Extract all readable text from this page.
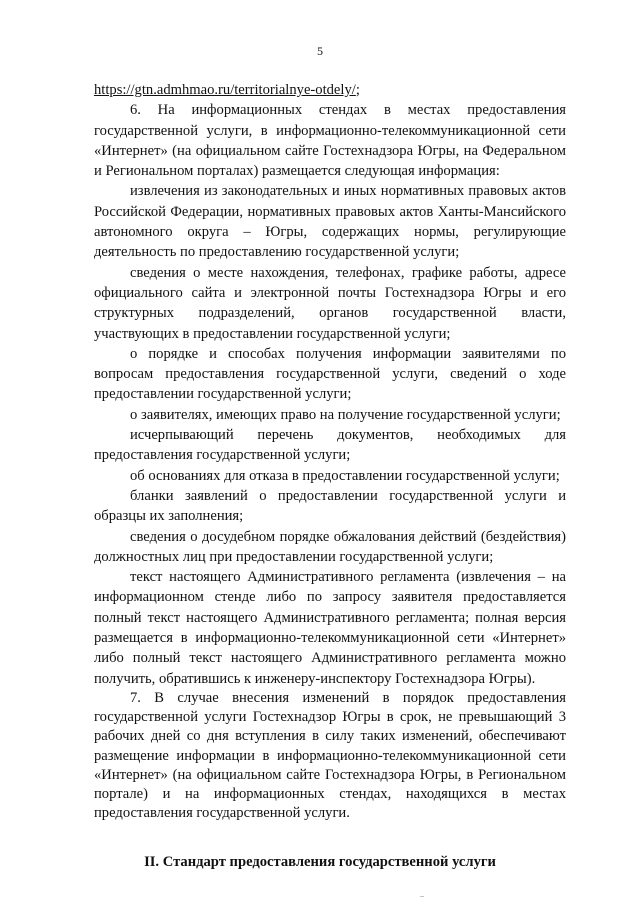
5

https://gtn.admhmao.ru/territorialnye-otdely/;

6. На информационных стендах в местах предоставления государственной услуги, в информационно-телекоммуникационной сети «Интернет» (на официальном сайте Гостехнадзора Югры, на Федеральном и Региональном порталах) размещается следующая информация:

извлечения из законодательных и иных нормативных правовых актов Российской Федерации, нормативных правовых актов Ханты-Мансийского автономного округа – Югры, содержащих нормы, регулирующие деятельность по предоставлению государственной услуги;

сведения о месте нахождения, телефонах, графике работы, адресе официального сайта и электронной почты Гостехнадзора Югры и его структурных подразделений, органов государственной власти, участвующих в предоставлении государственной услуги;

о порядке и способах получения информации заявителями по вопросам предоставления государственной услуги, сведений о ходе предоставлении государственной услуги;

о заявителях, имеющих право на получение государственной услуги;

исчерпывающий перечень документов, необходимых для предоставления государственной услуги;

об основаниях для отказа в предоставлении государственной услуги;

бланки заявлений о предоставлении государственной услуги и образцы их заполнения;

сведения о досудебном порядке обжалования действий (бездействия) должностных лиц при предоставлении государственной услуги;

текст настоящего Административного регламента (извлечения – на информационном стенде либо по запросу заявителя предоставляется полный текст настоящего Административного регламента; полная версия размещается в информационно-телекоммуникационной сети «Интернет» либо полный текст настоящего Административного регламента можно получить, обратившись к инженеру-инспектору Гостехнадзора Югры).

7. В случае внесения изменений в порядок предоставления государственной услуги Гостехнадзор Югры в срок, не превышающий 3 рабочих дней со дня вступления в силу таких изменений, обеспечивают размещение информации в информационно-телекоммуникационной сети «Интернет» (на официальном сайте Гостехнадзора Югры, в Региональном портале) и на информационных стендах, находящихся в местах предоставления государственной услуги.

II. Стандарт предоставления государственной услуги
..
